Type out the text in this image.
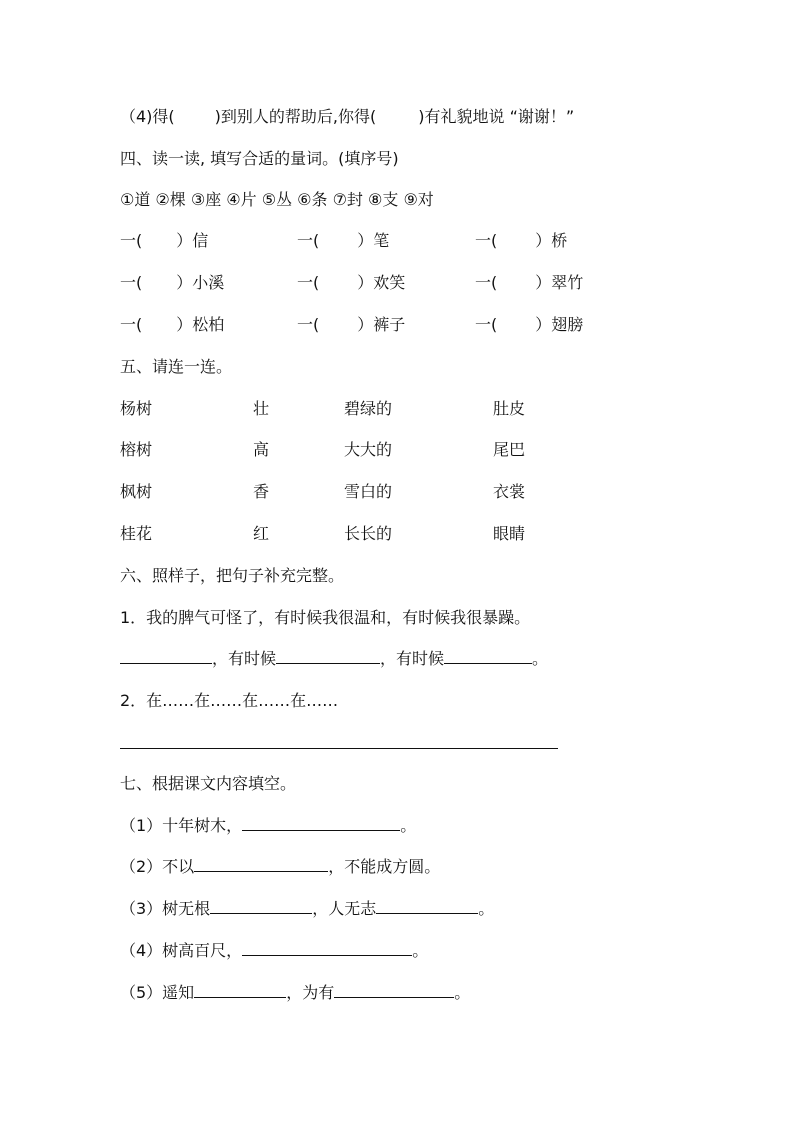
（4)得(	)到别人的帮助后,你得(	)有礼貌地说 “谢谢！”
四、读一读, 填写合适的量词。(填序号)
①道 ②棵 ③座 ④片 ⑤丛 ⑥条 ⑦封 ⑧支 ⑨对
一( ）信	一( ）笔	一( ）桥
一( ）小溪	一( ）欢笑	一( ）翠竹
一( ）松柏	一( ）裤子	一( ）翅膀
五、请连一连。
杨树	壮	碧绿的	肚皮
榕树	高	大大的	尾巴
枫树	香	雪白的	衣裳
桂花	红	长长的	眼睛
六、照样子，把句子补充完整。
1．我的脾气可怪了，有时候我很温和，有时候我很暴躁。
，有时候	，有时候	。
2．在……在……在……在……
七、根据课文内容填空。
（1）十年树木，	。
（2）不以	，不能成方圆。
（3）树无根	，人无志	。
（4）树高百尺，	。
（5）遥知	，为有	。
